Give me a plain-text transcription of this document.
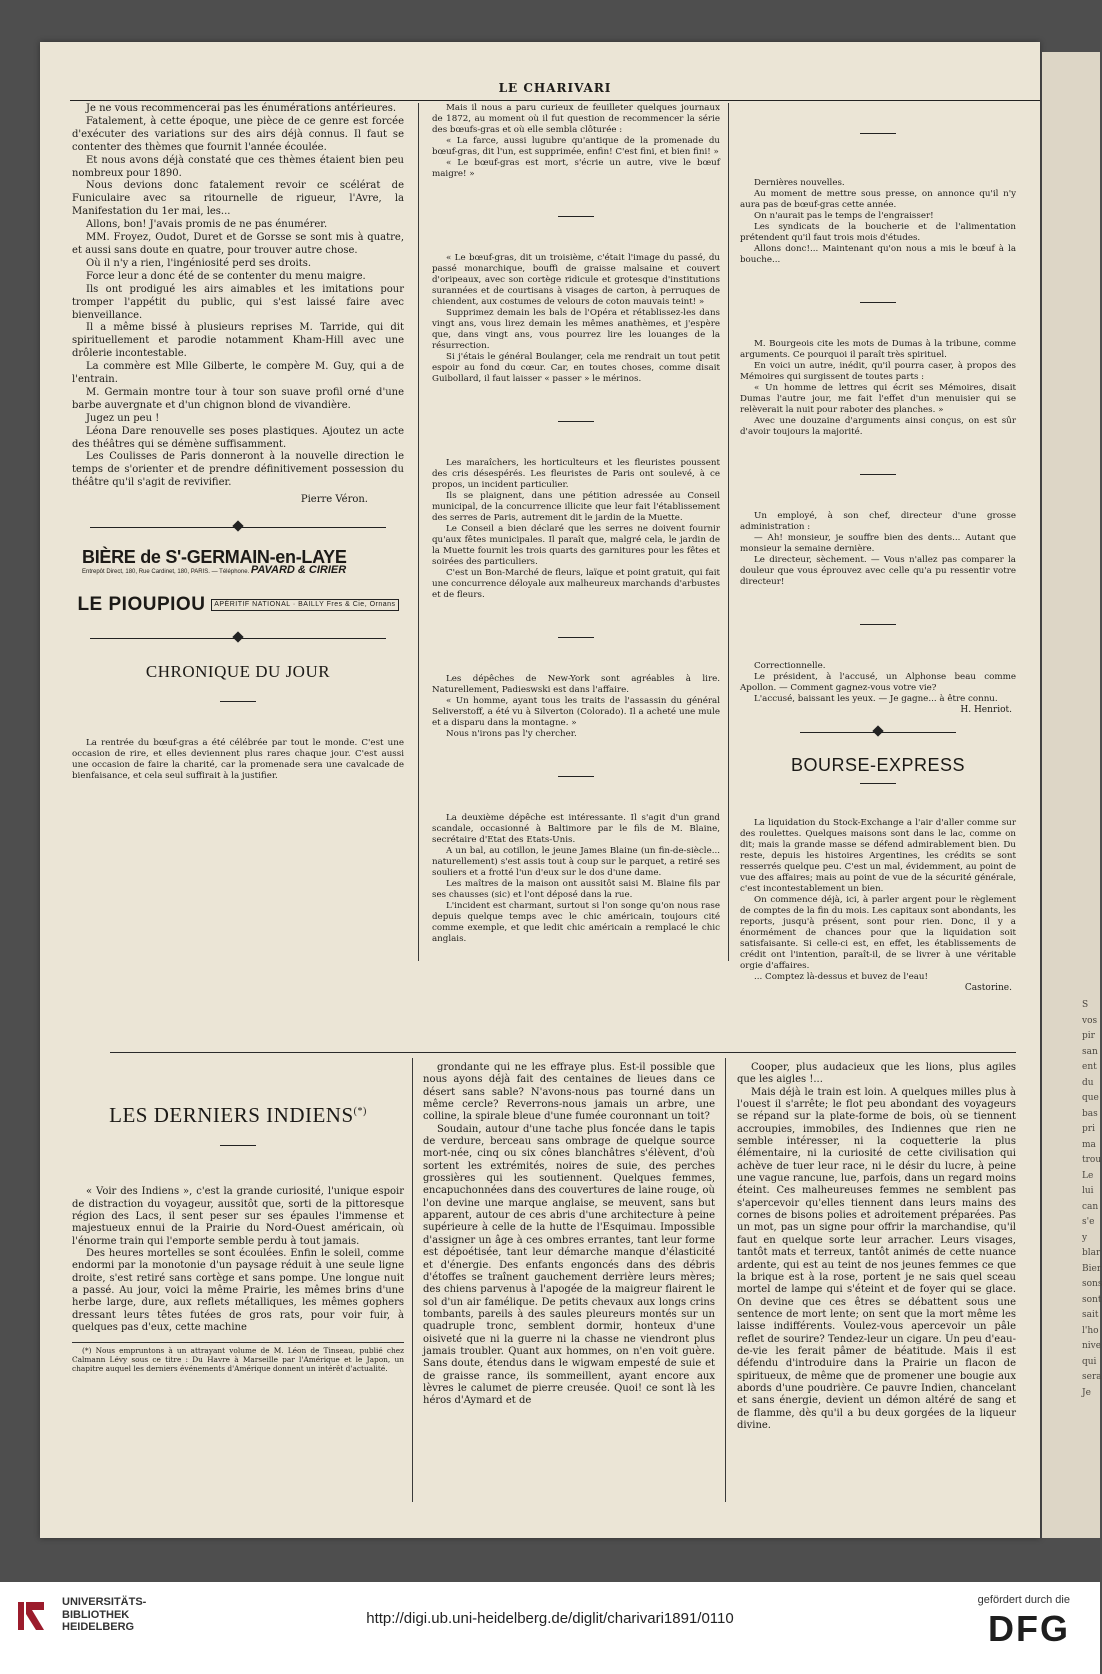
S
vos
pir
san
ent
du
que
bas
pri
ma
trou
Le
lui
can
s'e
y
blar
Bier
sons
sont
sait
l'ho
nive
qui
sera
Je
LE CHARIVARI

Je ne vous recommencerai pas les énumérations antérieures.

Fatalement, à cette époque, une pièce de ce genre est forcée d'exécuter des variations sur des airs déjà connus. Il faut se contenter des thèmes que fournit l'année écoulée.

Et nous avons déjà constaté que ces thèmes étaient bien peu nombreux pour 1890.

Nous devions donc fatalement revoir ce scélérat de Funiculaire avec sa ritournelle de rigueur, l'Avre, la Manifestation du 1er mai, les...

Allons, bon! J'avais promis de ne pas énumérer.

MM. Froyez, Oudot, Duret et de Gorsse se sont mis à quatre, et aussi sans doute en quatre, pour trouver autre chose.

Où il n'y a rien, l'ingéniosité perd ses droits.

Force leur a donc été de se contenter du menu maigre.

Ils ont prodigué les airs aimables et les imitations pour tromper l'appétit du public, qui s'est laissé faire avec bienveillance.

Il a même bissé à plusieurs reprises M. Tarride, qui dit spirituellement et parodie notamment Kham-Hill avec une drôlerie incontestable.

La commère est Mlle Gilberte, le compère M. Guy, qui a de l'entrain.

M. Germain montre tour à tour son suave profil orné d'une barbe auvergnate et d'un chignon blond de vivandière.

Jugez un peu !

Léona Dare renouvelle ses poses plastiques. Ajoutez un acte des théâtres qui se démène suffisamment.

Les Coulisses de Paris donneront à la nouvelle direction le temps de s'orienter et de prendre définitivement possession du théâtre qu'il s'agit de revivifier.

Pierre Véron.
BIÈRE de S'-GERMAIN-en-LAYE
Entrepôt Direct, 180, Rue Cardinet, 180, PARIS. — Téléphone. PAVARD & CIRIER
LE PIOUPIOU APÉRITIF NATIONAL · BAILLY Fres & Cie, Ornans
CHRONIQUE DU JOUR

La rentrée du bœuf-gras a été célébrée par tout le monde. C'est une occasion de rire, et elles deviennent plus rares chaque jour. C'est aussi une occasion de faire la charité, car la promenade sera une cavalcade de bienfaisance, et cela seul suffirait à la justifier.

Mais il nous a paru curieux de feuilleter quelques journaux de 1872, au moment où il fut question de recommencer la série des bœufs-gras et où elle sembla clôturée :

« La farce, aussi lugubre qu'antique de la promenade du bœuf-gras, dit l'un, est supprimée, enfin! C'est fini, et bien fini! »

« Le bœuf-gras est mort, s'écrie un autre, vive le bœuf maigre! »

« Le bœuf-gras, dit un troisième, c'était l'image du passé, du passé monarchique, bouffi de graisse malsaine et couvert d'oripeaux, avec son cortège ridicule et grotesque d'institutions surannées et de courtisans à visages de carton, à perruques de chiendent, aux costumes de velours de coton mauvais teint! »

Supprimez demain les bals de l'Opéra et rétablissez-les dans vingt ans, vous lirez demain les mêmes anathèmes, et j'espère que, dans vingt ans, vous pourrez lire les louanges de la résurrection.

Si j'étais le général Boulanger, cela me rendrait un tout petit espoir au fond du cœur. Car, en toutes choses, comme disait Guibollard, il faut laisser « passer » le mérinos.

Les maraîchers, les horticulteurs et les fleuristes poussent des cris désespérés. Les fleuristes de Paris ont soulevé, à ce propos, un incident particulier.

Ils se plaignent, dans une pétition adressée au Conseil municipal, de la concurrence illicite que leur fait l'établissement des serres de Paris, autrement dit le jardin de la Muette.

Le Conseil a bien déclaré que les serres ne doivent fournir qu'aux fêtes municipales. Il paraît que, malgré cela, le jardin de la Muette fournit les trois quarts des garnitures pour les fêtes et soirées des particuliers.

C'est un Bon-Marché de fleurs, laïque et point gratuit, qui fait une concurrence déloyale aux malheureux marchands d'arbustes et de fleurs.

Les dépêches de New-York sont agréables à lire. Naturellement, Padieswski est dans l'affaire.

« Un homme, ayant tous les traits de l'assassin du général Seliverstoff, a été vu à Silverton (Colorado). Il a acheté une mule et a disparu dans la montagne. »

Nous n'irons pas l'y chercher.

La deuxième dépêche est intéressante. Il s'agit d'un grand scandale, occasionné à Baltimore par le fils de M. Blaine, secrétaire d'Etat des Etats-Unis.

A un bal, au cotillon, le jeune James Blaine (un fin-de-siècle... naturellement) s'est assis tout à coup sur le parquet, a retiré ses souliers et a frotté l'un d'eux sur le dos d'une dame.

Les maîtres de la maison ont aussitôt saisi M. Blaine fils par ses chausses (sic) et l'ont déposé dans la rue.

L'incident est charmant, surtout si l'on songe qu'on nous rase depuis quelque temps avec le chic américain, toujours cité comme exemple, et que ledit chic américain a remplacé le chic anglais.

Dernières nouvelles.

Au moment de mettre sous presse, on annonce qu'il n'y aura pas de bœuf-gras cette année.

On n'aurait pas le temps de l'engraisser!

Les syndicats de la boucherie et de l'alimentation prétendent qu'il faut trois mois d'études.

Allons donc!... Maintenant qu'on nous a mis le bœuf à la bouche...

M. Bourgeois cite les mots de Dumas à la tribune, comme arguments. Ce pourquoi il paraît très spirituel.

En voici un autre, inédit, qu'il pourra caser, à propos des Mémoires qui surgissent de toutes parts :

« Un homme de lettres qui écrit ses Mémoires, disait Dumas l'autre jour, me fait l'effet d'un menuisier qui se relèverait la nuit pour raboter des planches. »

Avec une douzaine d'arguments ainsi conçus, on est sûr d'avoir toujours la majorité.

Un employé, à son chef, directeur d'une grosse administration :

— Ah! monsieur, je souffre bien des dents... Autant que monsieur la semaine dernière.

Le directeur, sèchement. — Vous n'allez pas comparer la douleur que vous éprouvez avec celle qu'a pu ressentir votre directeur!

Correctionnelle.

Le président, à l'accusé, un Alphonse beau comme Apollon. — Comment gagnez-vous votre vie?

L'accusé, baissant les yeux. — Je gagne... à être connu.

H. Henriot.
BOURSE-EXPRESS

La liquidation du Stock-Exchange a l'air d'aller comme sur des roulettes. Quelques maisons sont dans le lac, comme on dit; mais la grande masse se défend admirablement bien. Du reste, depuis les histoires Argentines, les crédits se sont resserrés quelque peu. C'est un mal, évidemment, au point de vue des affaires; mais au point de vue de la sécurité générale, c'est incontestablement un bien.

On commence déjà, ici, à parler argent pour le règlement de comptes de la fin du mois. Les capitaux sont abondants, les reports, jusqu'à présent, sont pour rien. Donc, il y a énormément de chances pour que la liquidation soit satisfaisante. Si celle-ci est, en effet, les établissements de crédit ont l'intention, paraît-il, de se livrer à une véritable orgie d'affaires.

... Comptez là-dessus et buvez de l'eau!

Castorine.
LES DERNIERS INDIENS(*)

« Voir des Indiens », c'est la grande curiosité, l'unique espoir de distraction du voyageur, aussitôt que, sorti de la pittoresque région des Lacs, il sent peser sur ses épaules l'immense et majestueux ennui de la Prairie du Nord-Ouest américain, où l'énorme train qui l'emporte semble perdu à tout jamais.

Des heures mortelles se sont écoulées. Enfin le soleil, comme endormi par la monotonie d'un paysage réduit à une seule ligne droite, s'est retiré sans cortège et sans pompe. Une longue nuit a passé. Au jour, voici la même Prairie, les mêmes brins d'une herbe large, dure, aux reflets métalliques, les mêmes gophers dressant leurs têtes futées de gros rats, pour voir fuir, à quelques pas d'eux, cette machine

(*) Nous empruntons à un attrayant volume de M. Léon de Tinseau, publié chez Calmann Lévy sous ce titre : Du Havre à Marseille par l'Amérique et le Japon, un chapitre auquel les derniers événements d'Amérique donnent un intérêt d'actualité.

grondante qui ne les effraye plus. Est-il possible que nous ayons déjà fait des centaines de lieues dans ce désert sans sable? N'avons-nous pas tourné dans un même cercle? Reverrons-nous jamais un arbre, une colline, la spirale bleue d'une fumée couronnant un toit?

Soudain, autour d'une tache plus foncée dans le tapis de verdure, berceau sans ombrage de quelque source mort-née, cinq ou six cônes blanchâtres s'élèvent, d'où sortent les extrémités, noires de suie, des perches grossières qui les soutiennent. Quelques femmes, encapuchonnées dans des couvertures de laine rouge, où l'on devine une marque anglaise, se meuvent, sans but apparent, autour de ces abris d'une architecture à peine supérieure à celle de la hutte de l'Esquimau. Impossible d'assigner un âge à ces ombres errantes, tant leur forme est dépoétisée, tant leur démarche manque d'élasticité et d'énergie. Des enfants engoncés dans des débris d'étoffes se traînent gauchement derrière leurs mères; des chiens parvenus à l'apogée de la maigreur flairent le sol d'un air famélique. De petits chevaux aux longs crins tombants, pareils à des saules pleureurs montés sur un quadruple tronc, semblent dormir, honteux d'une oisiveté que ni la guerre ni la chasse ne viendront plus jamais troubler. Quant aux hommes, on n'en voit guère. Sans doute, étendus dans le wigwam empesté de suie et de graisse rance, ils sommeillent, ayant encore aux lèvres le calumet de pierre creusée. Quoi! ce sont là les héros d'Aymard et de

Cooper, plus audacieux que les lions, plus agiles que les aigles !...

Mais déjà le train est loin. A quelques milles plus à l'ouest il s'arrête; le flot peu abondant des voyageurs se répand sur la plate-forme de bois, où se tiennent accroupies, immobiles, des Indiennes que rien ne semble intéresser, ni la coquetterie la plus élémentaire, ni la curiosité de cette civilisation qui achève de tuer leur race, ni le désir du lucre, à peine une vague rancune, lue, parfois, dans un regard moins éteint. Ces malheureuses femmes ne semblent pas s'apercevoir qu'elles tiennent dans leurs mains des cornes de bisons polies et adroitement préparées. Pas un mot, pas un signe pour offrir la marchandise, qu'il faut en quelque sorte leur arracher. Leurs visages, tantôt mats et terreux, tantôt animés de cette nuance ardente, qui est au teint de nos jeunes femmes ce que la brique est à la rose, portent je ne sais quel sceau mortel de lampe qui s'éteint et de foyer qui se glace. On devine que ces êtres se débattent sous une sentence de mort lente; on sent que la mort même les laisse indifférents. Voulez-vous apercevoir un pâle reflet de sourire? Tendez-leur un cigare. Un peu d'eau-de-vie les ferait pâmer de béatitude. Mais il est défendu d'introduire dans la Prairie un flacon de spiritueux, de même que de promener une bougie aux abords d'une poudrière. Ce pauvre Indien, chancelant et sans énergie, devient un démon altéré de sang et de flamme, dès qu'il a bu deux gorgées de la liqueur divine.

UNIVERSITÄTS-
BIBLIOTHEK
HEIDELBERG	http://digi.ub.uni-heidelberg.de/diglit/charivari1891/0110
gefördert durch die
DFG
